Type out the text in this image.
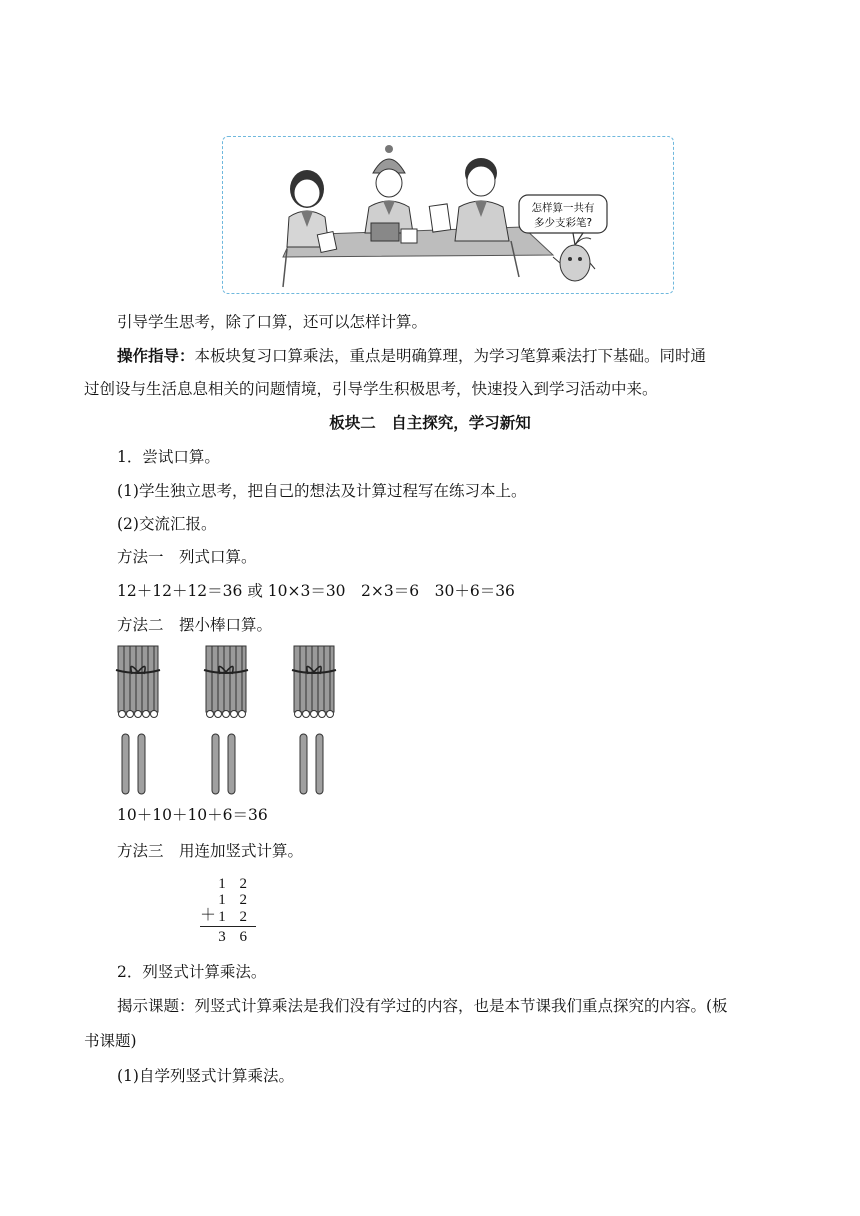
怎样算一共有
多少支彩笔?
引导学生思考，除了口算，还可以怎样计算。
操作指导：本板块复习口算乘法，重点是明确算理，为学习笔算乘法打下基础。同时通
过创设与生活息息相关的问题情境，引导学生积极思考，快速投入到学习活动中来。
板块二　自主探究，学习新知
1．尝试口算。
(1)学生独立思考，把自己的想法及计算过程写在练习本上。
(2)交流汇报。
方法一　列式口算。
12＋12＋12＝36 或 10×3＝30　2×3＝6　30＋6＝36
方法二　摆小棒口算。
10＋10＋10＋6＝36
方法三　用连加竖式计算。
1 2
1 2
＋ 1 2
3 6
2．列竖式计算乘法。
揭示课题：列竖式计算乘法是我们没有学过的内容，也是本节课我们重点探究的内容。(板
书课题)
(1)自学列竖式计算乘法。
